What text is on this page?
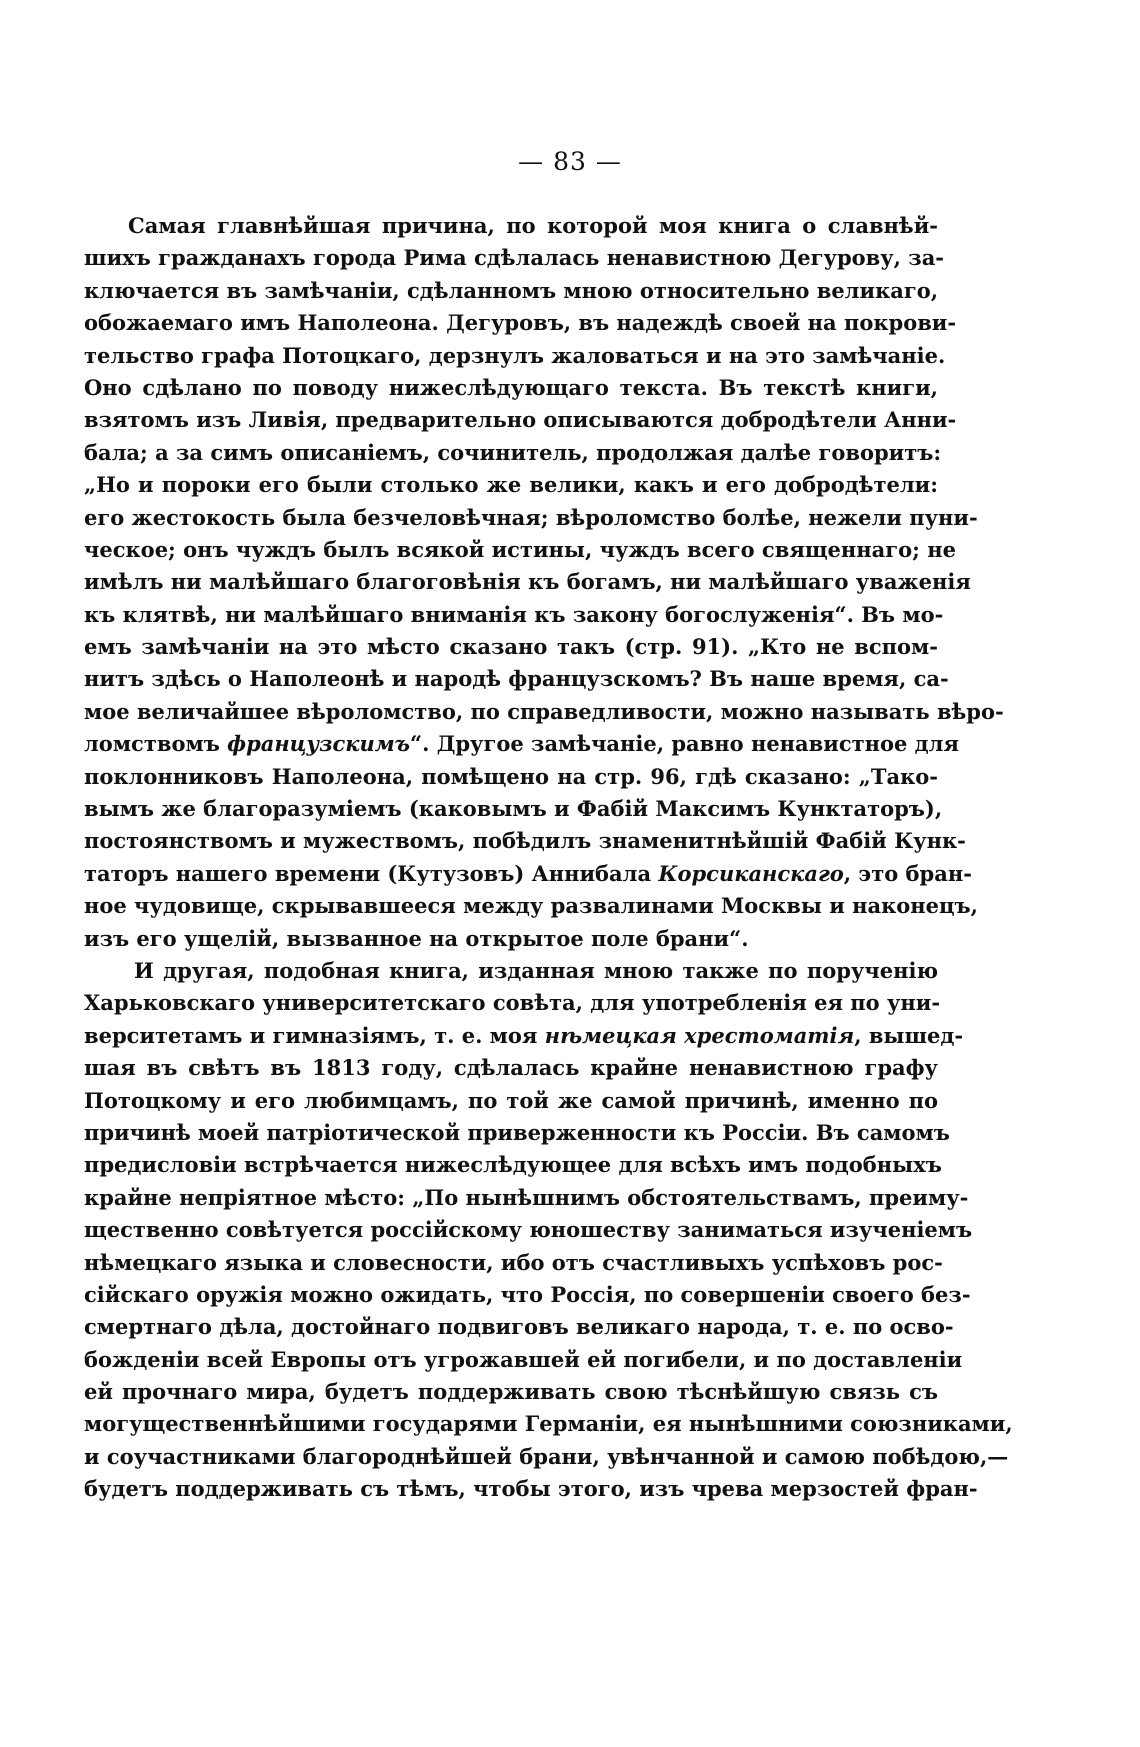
— 83 —
Самая главнѣйшая причина, по которой моя книга о славнѣй-
шихъ гражданахъ города Рима сдѣлалась ненавистною Дегурову, за-
ключается въ замѣчаніи, сдѣланномъ мною относительно великаго,
обожаемаго имъ Наполеона. Дегуровъ, въ надеждѣ своей на покрови-
тельство графа Потоцкаго, дерзнулъ жаловаться и на это замѣчаніе.
Оно сдѣлано по поводу нижеслѣдующаго текста. Въ текстѣ книги,
взятомъ изъ Ливія, предварительно описываются добродѣтели Анни-
бала; а за симъ описаніемъ, сочинитель, продолжая далѣе говоритъ:
„Но и пороки его были столько же велики, какъ и его добродѣтели:
его жестокость была безчеловѣчная; вѣроломство болѣе, нежели пуни-
ческое; онъ чуждъ былъ всякой истины, чуждъ всего священнаго; не
имѣлъ ни малѣйшаго благоговѣнія къ богамъ, ни малѣйшаго уваженія
къ клятвѣ, ни малѣйшаго вниманія къ закону богослуженія“. Въ мо-
емъ замѣчаніи на это мѣсто сказано такъ (стр. 91). „Кто не вспом-
нитъ здѣсь о Наполеонѣ и народѣ французскомъ? Въ наше время, са-
мое величайшее вѣроломство, по справедливости, можно называть вѣро-
ломствомъ французскимъ“. Другое замѣчаніе, равно ненавистное для
поклонниковъ Наполеона, помѣщено на стр. 96, гдѣ сказано: „Тако-
вымъ же благоразуміемъ (каковымъ и Фабій Максимъ Кунктаторъ),
постоянствомъ и мужествомъ, побѣдилъ знаменитнѣйшій Фабій Кунк-
таторъ нашего времени (Кутузовъ) Аннибала Корсиканскаго, это бран-
ное чудовище, скрывавшееся между развалинами Москвы и наконецъ,
изъ его ущелій, вызванное на открытое поле брани“.
И другая, подобная книга, изданная мною также по порученію
Харьковскаго университетскаго совѣта, для употребленія ея по уни-
верситетамъ и гимназіямъ, т. е. моя нѣмецкая хрестоматія, вышед-
шая въ свѣтъ въ 1813 году, сдѣлалась крайне ненавистною графу
Потоцкому и его любимцамъ, по той же самой причинѣ, именно по
причинѣ моей патріотической приверженности къ Россіи. Въ самомъ
предисловіи встрѣчается нижеслѣдующее для всѣхъ имъ подобныхъ
крайне непріятное мѣсто: „По нынѣшнимъ обстоятельствамъ, преиму-
щественно совѣтуется россійскому юношеству заниматься изученіемъ
нѣмецкаго языка и словесности, ибо отъ счастливыхъ успѣховъ рос-
сійскаго оружія можно ожидать, что Россія, по совершеніи своего без-
смертнаго дѣла, достойнаго подвиговъ великаго народа, т. е. по осво-
божденіи всей Европы отъ угрожавшей ей погибели, и по доставленіи
ей прочнаго мира, будетъ поддерживать свою тѣснѣйшую связь съ
могущественнѣйшими государями Германіи, ея нынѣшними союзниками,
и соучастниками благороднѣйшей брани, увѣнчанной и самою побѣдою,—
будетъ поддерживать съ тѣмъ, чтобы этого, изъ чрева мерзостей фран-
